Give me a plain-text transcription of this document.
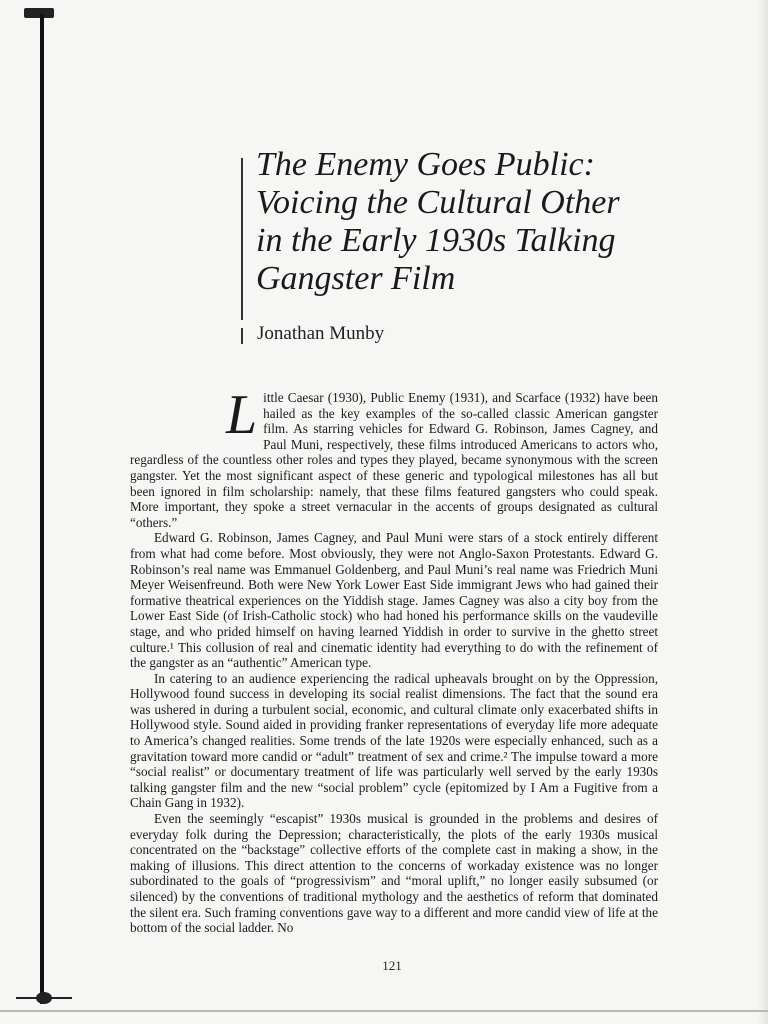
The Enemy Goes Public:
Voicing the Cultural Other
in the Early 1930s Talking
Gangster Film

Jonathan Munby

L ittle Caesar (1930), Public Enemy (1931), and Scarface (1932) have been hailed as the key examples of the so-called classic American gangster film. As starring vehicles for Edward G. Robinson, James Cagney, and Paul Muni, respectively, these films introduced Americans to actors who, regardless of the countless other roles and types they played, became synonymous with the screen gangster. Yet the most significant aspect of these generic and typological milestones has all but been ignored in film scholarship: namely, that these films featured gangsters who could speak. More important, they spoke a street vernacular in the accents of groups designated as cultural “others.”

Edward G. Robinson, James Cagney, and Paul Muni were stars of a stock entirely different from what had come before. Most obviously, they were not Anglo-Saxon Protestants. Edward G. Robinson’s real name was Emmanuel Goldenberg, and Paul Muni’s real name was Friedrich Muni Meyer Weisenfreund. Both were New York Lower East Side immigrant Jews who had gained their formative theatrical experiences on the Yiddish stage. James Cagney was also a city boy from the Lower East Side (of Irish-Catholic stock) who had honed his performance skills on the vaudeville stage, and who prided himself on having learned Yiddish in order to survive in the ghetto street culture.¹ This collusion of real and cinematic identity had everything to do with the refinement of the gangster as an “authentic” American type.

In catering to an audience experiencing the radical upheavals brought on by the Oppression, Hollywood found success in developing its social realist dimensions. The fact that the sound era was ushered in during a turbulent social, economic, and cultural climate only exacerbated shifts in Hollywood style. Sound aided in providing franker representations of everyday life more adequate to America’s changed realities. Some trends of the late 1920s were especially enhanced, such as a gravitation toward more candid or “adult” treatment of sex and crime.² The impulse toward a more “social realist” or documentary treatment of life was particularly well served by the early 1930s talking gangster film and the new “social problem” cycle (epitomized by I Am a Fugitive from a Chain Gang in 1932).

Even the seemingly “escapist” 1930s musical is grounded in the problems and desires of everyday folk during the Depression; characteristically, the plots of the early 1930s musical concentrated on the “backstage” collective efforts of the complete cast in making a show, in the making of illusions. This direct attention to the concerns of workaday existence was no longer subordinated to the goals of “progressivism” and “moral uplift,” no longer easily subsumed (or silenced) by the conventions of traditional mythology and the aesthetics of reform that dominated the silent era. Such framing conventions gave way to a different and more candid view of life at the bottom of the social ladder. No

121
